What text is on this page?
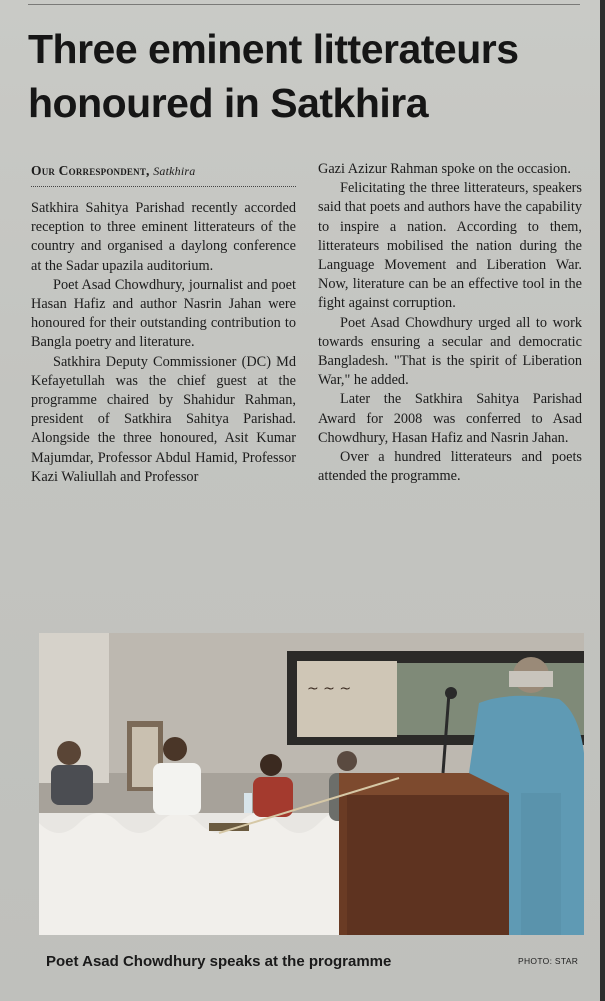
Three eminent litterateurs
honoured in Satkhira
Our Correspondent, Satkhira

Satkhira Sahitya Parishad recently accorded reception to three eminent litterateurs of the country and organised a daylong conference at the Sadar upazila auditorium.

Poet Asad Chowdhury, journalist and poet Hasan Hafiz and author Nasrin Jahan were honoured for their outstanding contribution to Bangla poetry and literature.

Satkhira Deputy Commissioner (DC) Md Kefayetullah was the chief guest at the programme chaired by Shahidur Rahman, president of Satkhira Sahitya Parishad. Alongside the three honoured, Asit Kumar Majumdar, Professor Abdul Hamid, Professor Kazi Waliullah and Professor

Gazi Azizur Rahman spoke on the occasion.

Felicitating the three litterateurs, speakers said that poets and authors have the capability to inspire a nation. According to them, litterateurs mobilised the nation during the Language Movement and Liberation War. Now, literature can be an effective tool in the fight against corruption.

Poet Asad Chowdhury urged all to work towards ensuring a secular and democratic Bangladesh. "That is the spirit of Liberation War," he added.

Later the Satkhira Sahitya Parishad Award for 2008 was conferred to Asad Chowdhury, Hasan Hafiz and Nasrin Jahan.

Over a hundred litterateurs and poets attended the programme.

~ ~ ~
Poet Asad Chowdhury speaks at the programme	PHOTO: STAR
